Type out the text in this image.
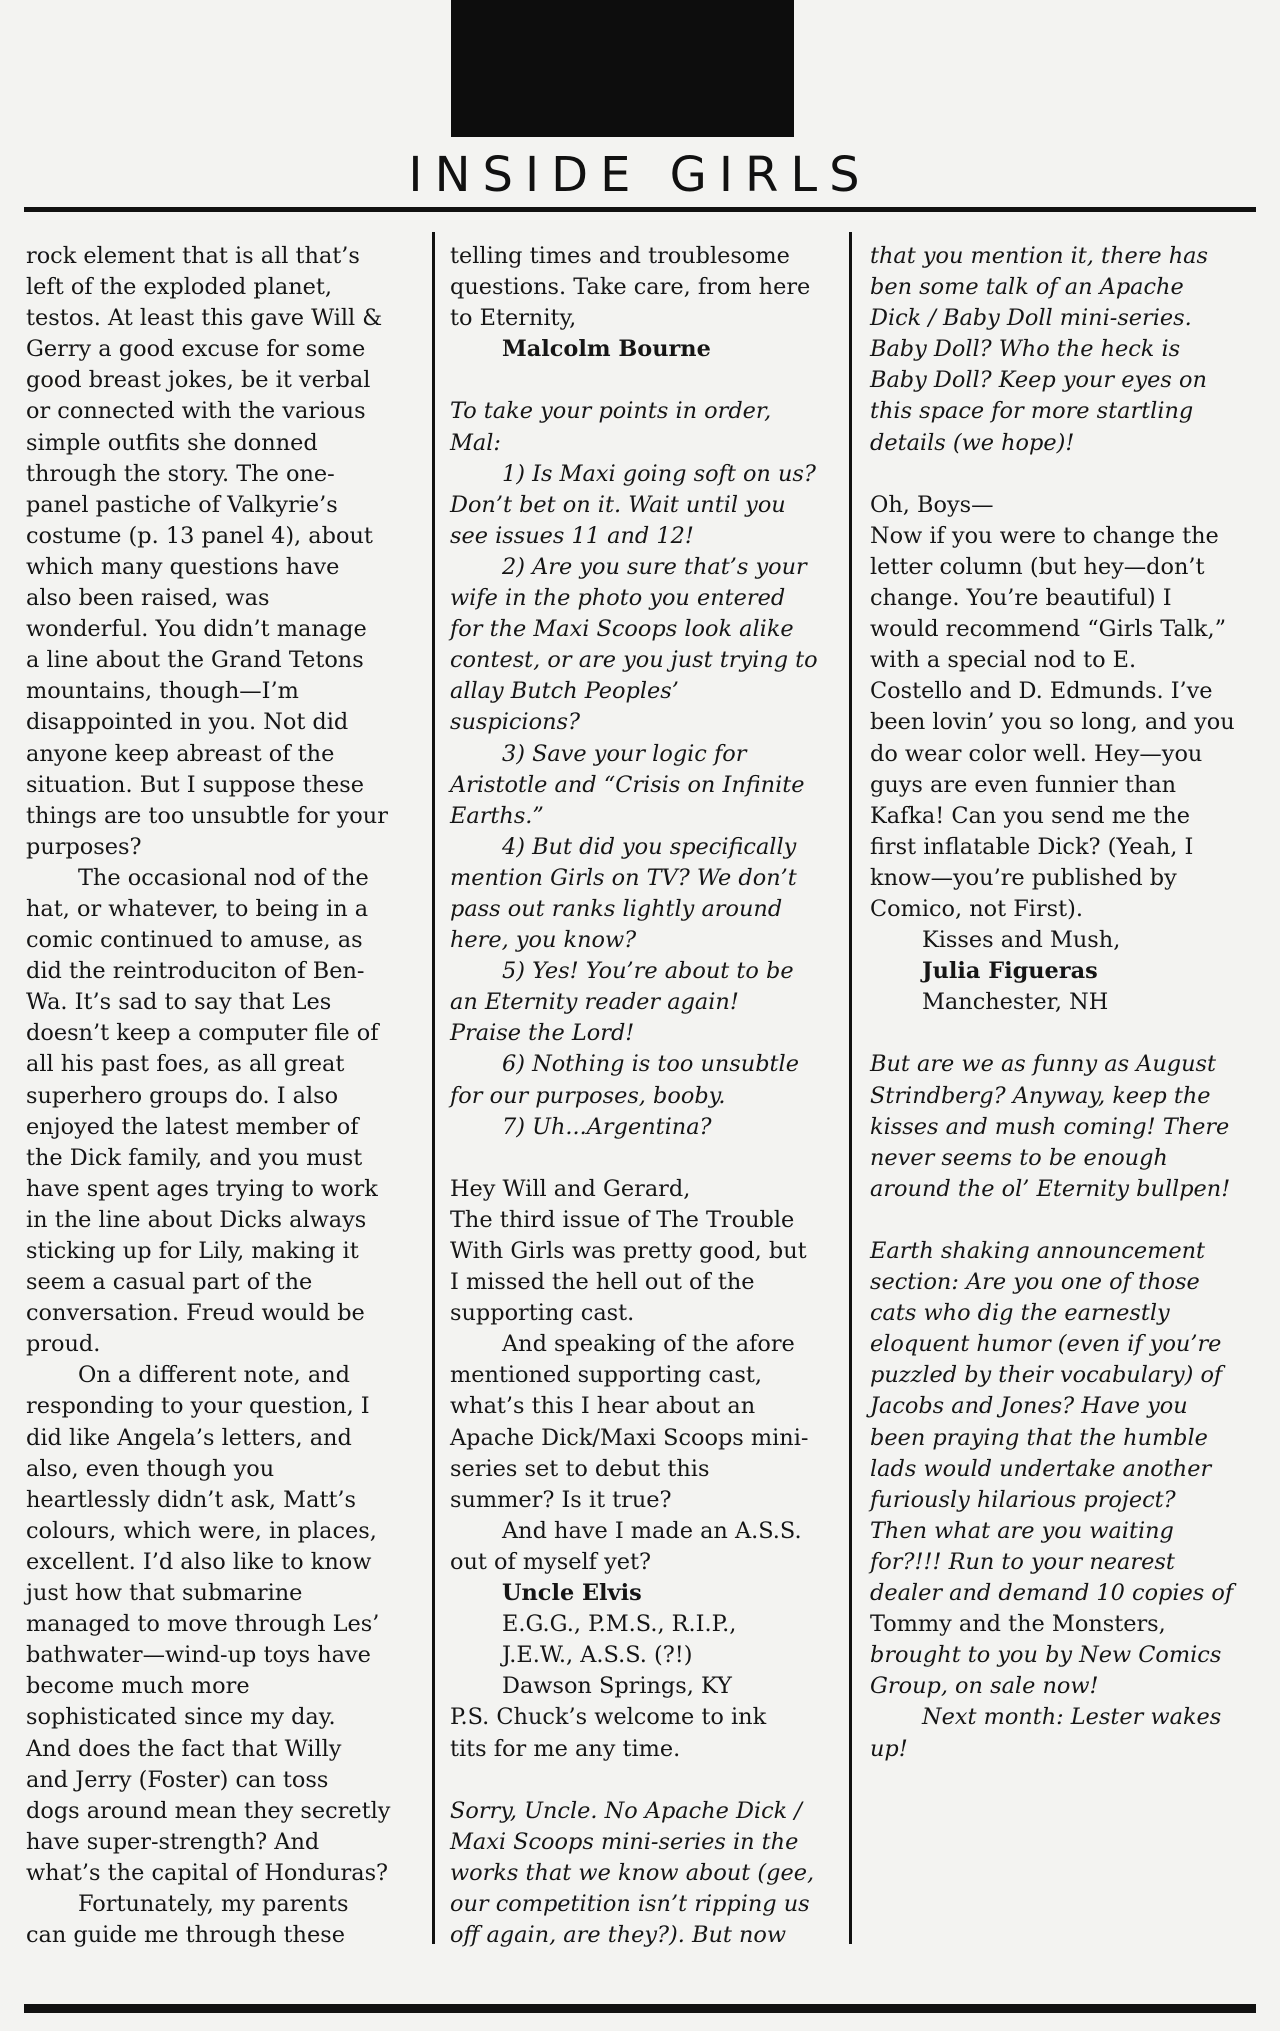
INSIDE GIRLS

rock element that is all that’s

left of the exploded planet,

testos. At least this gave Will &

Gerry a good excuse for some

good breast jokes, be it verbal

or connected with the various

simple outfits she donned

through the story. The one-

panel pastiche of Valkyrie’s

costume (p. 13 panel 4), about

which many questions have

also been raised, was

wonderful. You didn’t manage

a line about the Grand Tetons

mountains, though—I’m

disappointed in you. Not did

anyone keep abreast of the

situation. But I suppose these

things are too unsubtle for your

purposes?

The occasional nod of the

hat, or whatever, to being in a

comic continued to amuse, as

did the reintroduciton of Ben-

Wa. It’s sad to say that Les

doesn’t keep a computer file of

all his past foes, as all great

superhero groups do. I also

enjoyed the latest member of

the Dick family, and you must

have spent ages trying to work

in the line about Dicks always

sticking up for Lily, making it

seem a casual part of the

conversation. Freud would be

proud.

On a different note, and

responding to your question, I

did like Angela’s letters, and

also, even though you

heartlessly didn’t ask, Matt’s

colours, which were, in places,

excellent. I’d also like to know

just how that submarine

managed to move through Les’

bathwater—wind-up toys have

become much more

sophisticated since my day.

And does the fact that Willy

and Jerry (Foster) can toss

dogs around mean they secretly

have super-strength? And

what’s the capital of Honduras?

Fortunately, my parents

can guide me through these

telling times and troublesome

questions. Take care, from here

to Eternity,

Malcolm Bourne

To take your points in order,

Mal:

1) Is Maxi going soft on us?

Don’t bet on it. Wait until you

see issues 11 and 12!

2) Are you sure that’s your

wife in the photo you entered

for the Maxi Scoops look alike

contest, or are you just trying to

allay Butch Peoples’

suspicions?

3) Save your logic for

Aristotle and “Crisis on Infinite

Earths.”

4) But did you specifically

mention Girls on TV? We don’t

pass out ranks lightly around

here, you know?

5) Yes! You’re about to be

an Eternity reader again!

Praise the Lord!

6) Nothing is too unsubtle

for our purposes, booby.

7) Uh...Argentina?

Hey Will and Gerard,

The third issue of The Trouble

With Girls was pretty good, but

I missed the hell out of the

supporting cast.

And speaking of the afore

mentioned supporting cast,

what’s this I hear about an

Apache Dick/Maxi Scoops mini-

series set to debut this

summer? Is it true?

And have I made an A.S.S.

out of myself yet?

Uncle Elvis

E.G.G., P.M.S., R.I.P.,

J.E.W., A.S.S. (?!)

Dawson Springs, KY

P.S. Chuck’s welcome to ink

tits for me any time.

Sorry, Uncle. No Apache Dick /

Maxi Scoops mini-series in the

works that we know about (gee,

our competition isn’t ripping us

off again, are they?). But now

that you mention it, there has

ben some talk of an Apache

Dick / Baby Doll mini-series.

Baby Doll? Who the heck is

Baby Doll? Keep your eyes on

this space for more startling

details (we hope)!

Oh, Boys—

Now if you were to change the

letter column (but hey—don’t

change. You’re beautiful) I

would recommend “Girls Talk,”

with a special nod to E.

Costello and D. Edmunds. I’ve

been lovin’ you so long, and you

do wear color well. Hey—you

guys are even funnier than

Kafka! Can you send me the

first inflatable Dick? (Yeah, I

know—you’re published by

Comico, not First).

Kisses and Mush,

Julia Figueras

Manchester, NH

But are we as funny as August

Strindberg? Anyway, keep the

kisses and mush coming! There

never seems to be enough

around the ol’ Eternity bullpen!

Earth shaking announcement

section: Are you one of those

cats who dig the earnestly

eloquent humor (even if you’re

puzzled by their vocabulary) of

Jacobs and Jones? Have you

been praying that the humble

lads would undertake another

furiously hilarious project?

Then what are you waiting

for?!!! Run to your nearest

dealer and demand 10 copies of

Tommy and the Monsters,

brought to you by New Comics

Group, on sale now!

Next month: Lester wakes

up!
